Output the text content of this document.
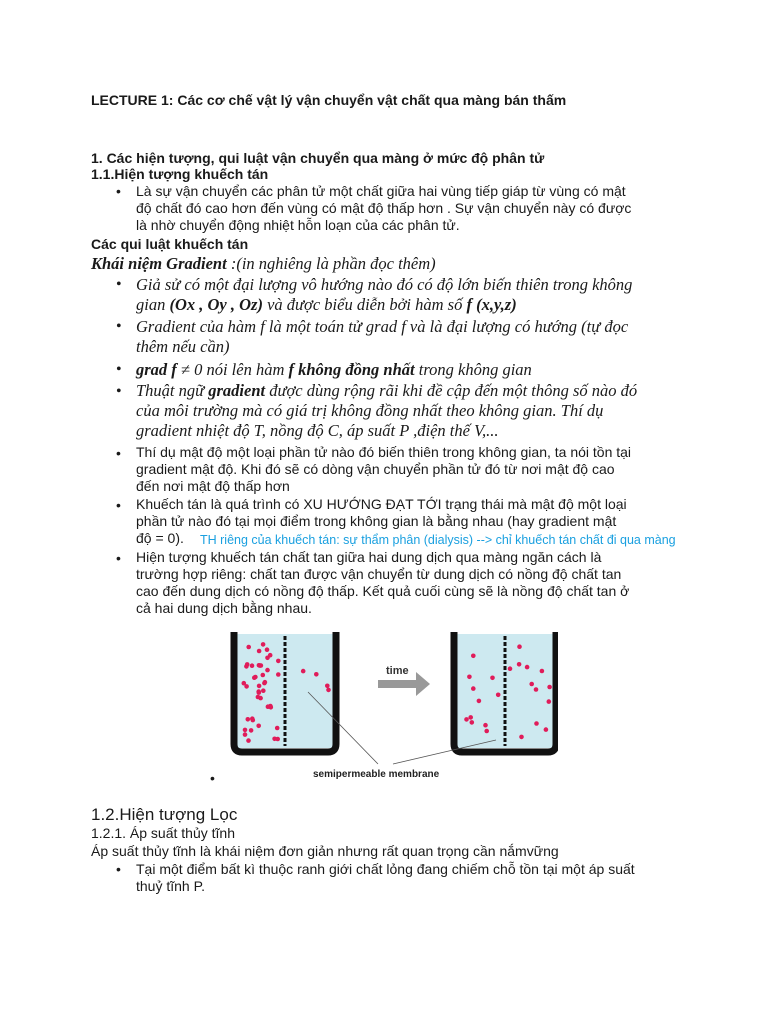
LECTURE 1: Các cơ chế vật lý vận chuyển vật chất qua màng bán thấm
1. Các hiện tượng, qui luật vận chuyển qua màng ở mức độ phân tử
1.1.Hiện tượng khuếch tán
• Là sự vận chuyển các phân tử một chất giữa hai vùng tiếp giáp từ vùng có mật
độ chất đó cao hơn đến vùng có mật độ thấp hơn . Sự vận chuyển này có được
là nhờ chuyển động nhiệt hỗn loạn của các phân tử.
Các qui luật khuếch tán
Khái niệm Gradient :(in nghiêng là phần đọc thêm)
• Giả sử có một đại lượng vô hướng nào đó có độ lớn biến thiên trong không
gian (Ox , Oy , Oz) và được biểu diễn bởi hàm số f (x,y,z)
• Gradient của hàm f là một toán tử grad f và là đại lượng có hướng (tự đọc
thêm nếu cần)
• grad f ≠ 0 nói lên hàm f không đồng nhất trong không gian
• Thuật ngữ gradient được dùng rộng rãi khi đề cập đến một thông số nào đó
của môi trường mà có giá trị không đồng nhất theo không gian. Thí dụ
gradient nhiệt độ T, nồng độ C, áp suất P ,điện thế V,...
• Thí dụ mật độ một loại phần tử nào đó biến thiên trong không gian, ta nói tồn tại
gradient mật độ. Khi đó sẽ có dòng vận chuyển phần tử đó từ nơi mật độ cao
đến nơi mật độ thấp hơn
• Khuếch tán là quá trình có XU HƯỚNG ĐẠT TỚI trạng thái mà mật độ một loại
phần tử nào đó tại mọi điểm trong không gian là bằng nhau (hay gradient mật
độ = 0).	TH riêng của khuếch tán: sự thẩm phân (dialysis) --> chỉ khuếch tán chất đi qua màng
• Hiện tượng khuếch tán chất tan giữa hai dung dịch qua màng ngăn cách là
trường hợp riêng: chất tan được vận chuyển từ dung dịch có nồng độ chất tan
cao đến dung dịch có nồng độ thấp. Kết quả cuối cùng sẽ là nồng độ chất tan ở
cả hai dung dịch bằng nhau.
time
semipermeable membrane
•
1.2.Hiện tượng Lọc
1.2.1. Áp suất thủy tĩnh
Áp suất thủy tĩnh là khái niệm đơn giản nhưng rất quan trọng cần nắmvững
• Tại một điểm bất kì thuộc ranh giới chất lỏng đang chiếm chỗ tồn tại một áp suất
thuỷ tĩnh P.
